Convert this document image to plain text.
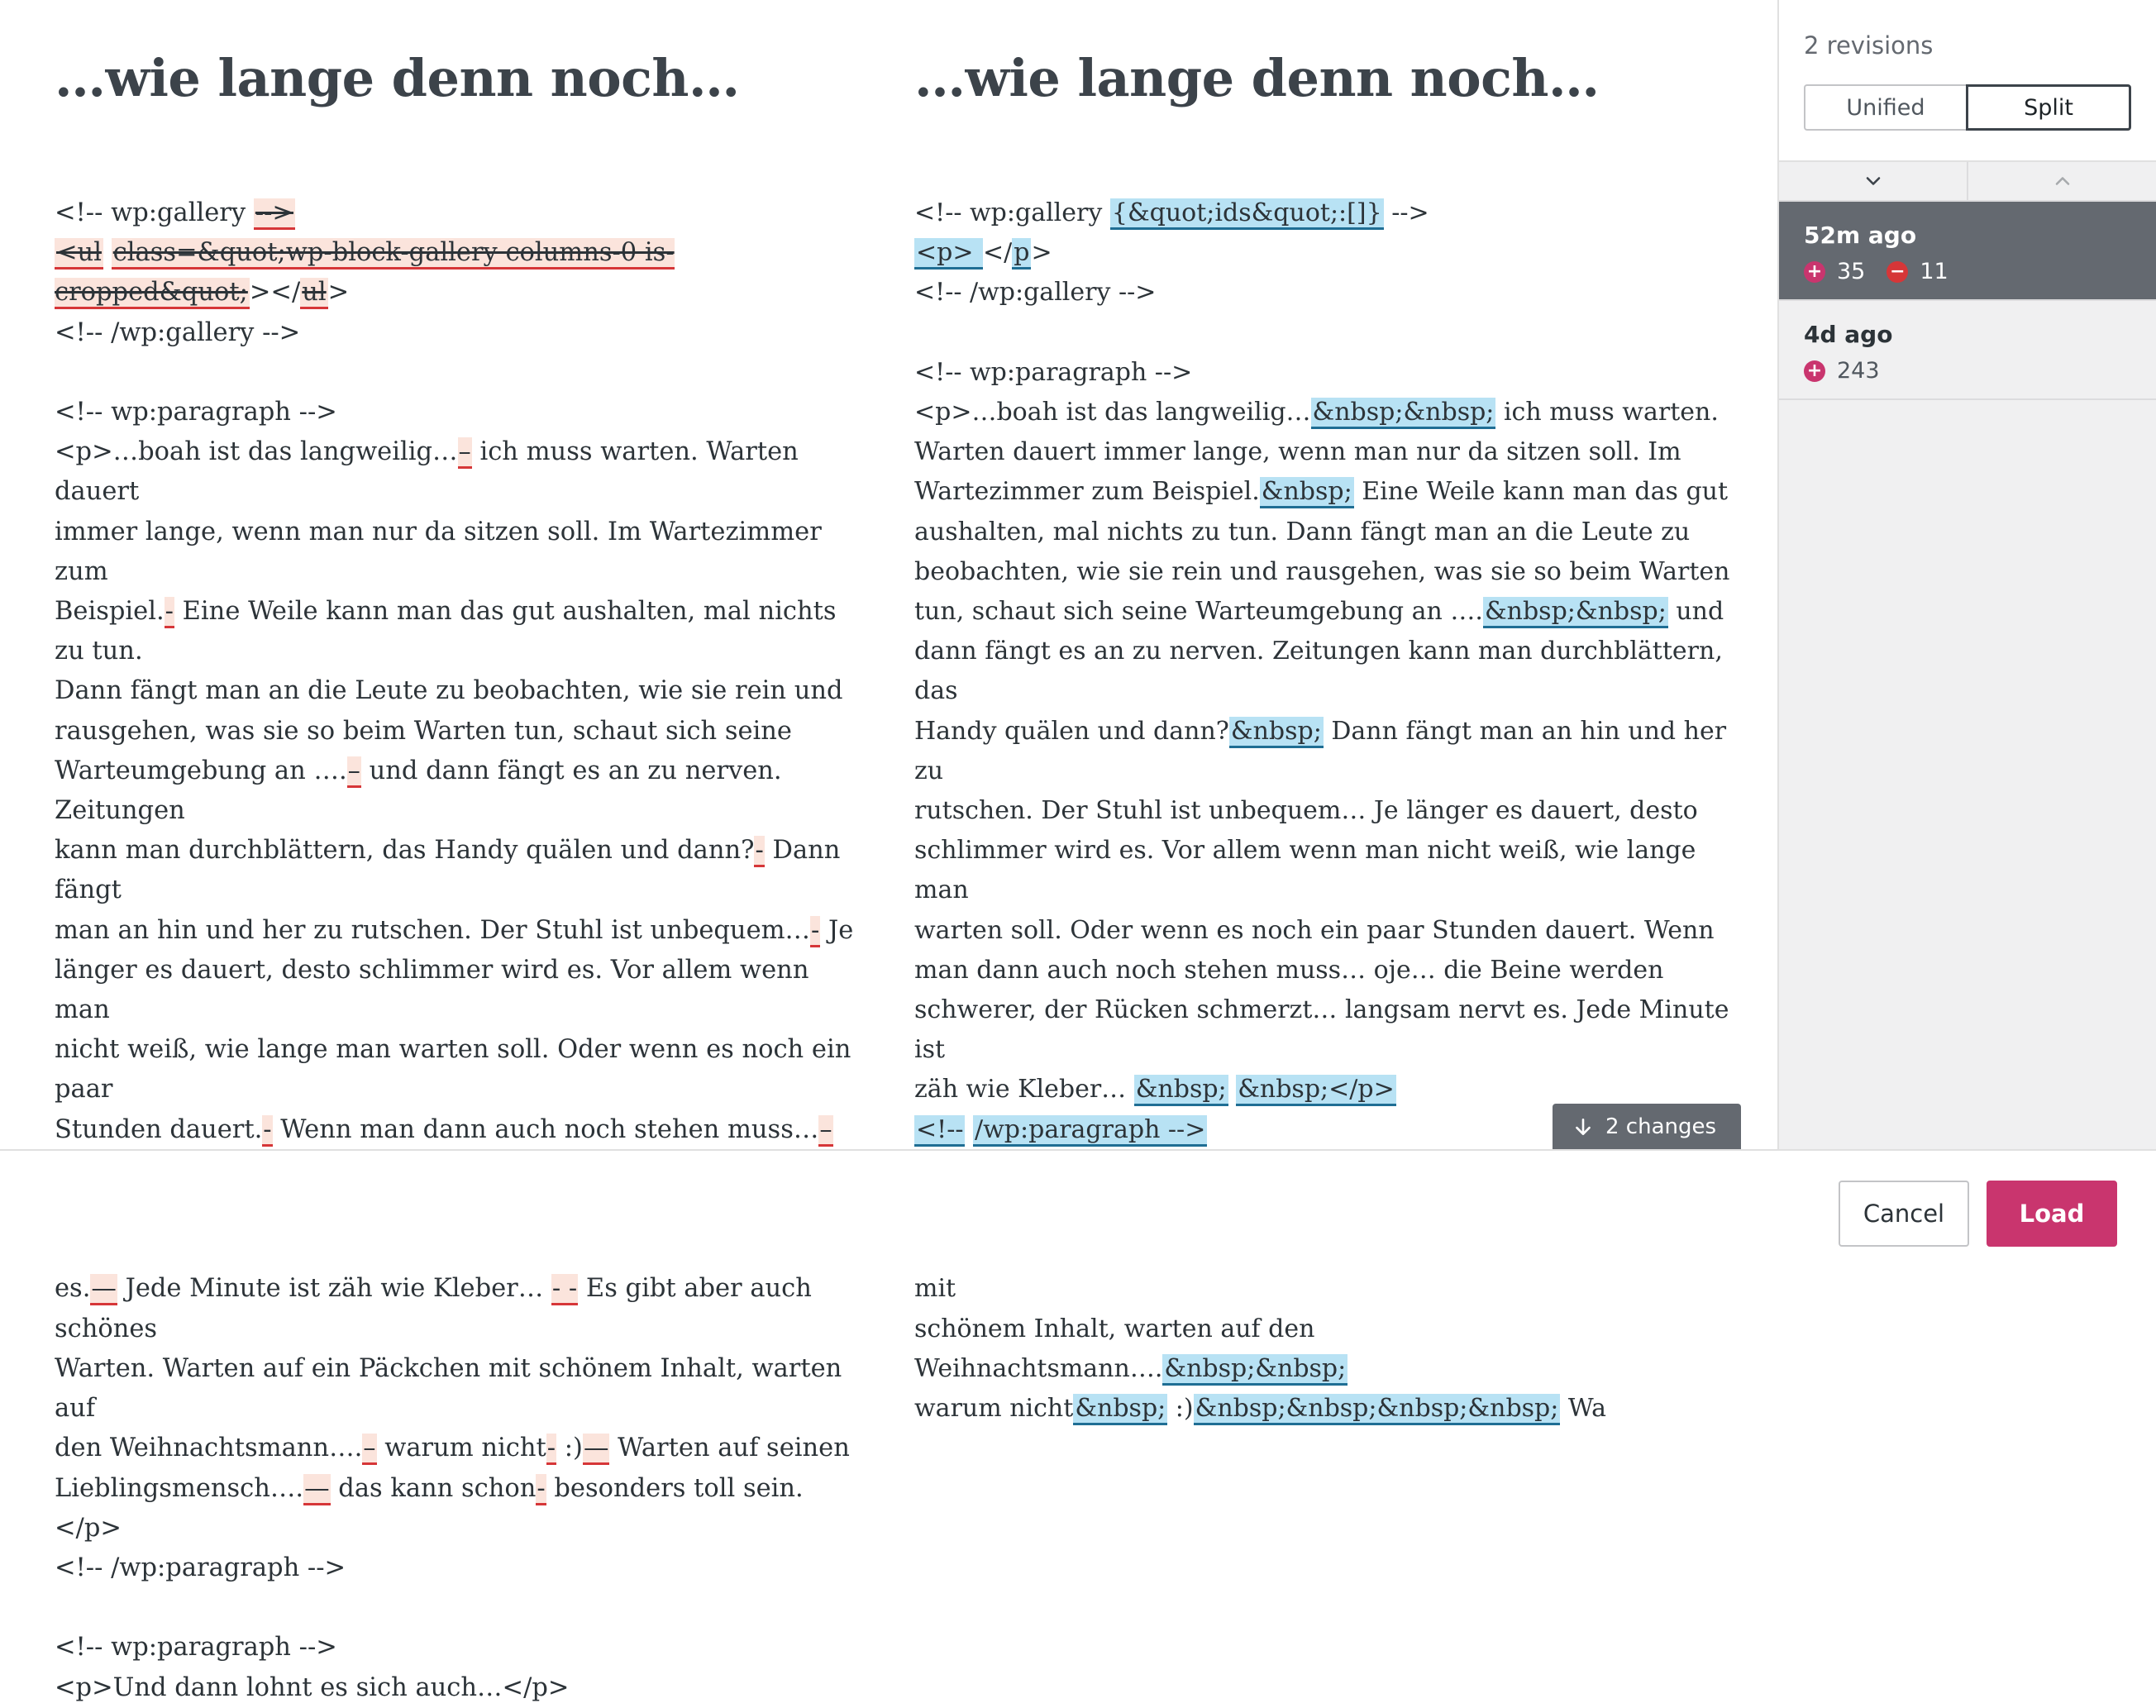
…wie lange denn noch…
<!-- wp:gallery -->
<ul class=&quot;wp-block-gallery columns-0 is-cropped&quot;></ul>
<!-- /wp:gallery -->
<!-- wp:paragraph -->
<p>…boah ist das langweilig…– ich muss warten. Warten dauert
immer lange, wenn man nur da sitzen soll. Im Wartezimmer zum
Beispiel.- Eine Weile kann man das gut aushalten, mal nichts zu tun.
Dann fängt man an die Leute zu beobachten, wie sie rein und
rausgehen, was sie so beim Warten tun, schaut sich seine
Warteumgebung an ….– und dann fängt es an zu nerven. Zeitungen
kann man durchblättern, das Handy quälen und dann?- Dann fängt
man an hin und her zu rutschen. Der Stuhl ist unbequem…- Je
länger es dauert, desto schlimmer wird es. Vor allem wenn man
nicht weiß, wie lange man warten soll. Oder wenn es noch ein paar
Stunden dauert.- Wenn man dann auch noch stehen muss…–
es.— Jede Minute ist zäh wie Kleber… - - Es gibt aber auch schönes
Warten. Warten auf ein Päckchen mit schönem Inhalt, warten auf
den Weihnachtsmann….– warum nicht- :)— Warten auf seinen
Lieblingsmensch….— das kann schon- besonders toll sein.</p>
<!-- /wp:paragraph -->
<!-- wp:paragraph -->
<p>Und dann lohnt es sich auch…</p>
…wie lange denn noch…
<!-- wp:gallery {&quot;ids&quot;:[]} -->
<p> </p>
<!-- /wp:gallery -->
<!-- wp:paragraph -->
<p>…boah ist das langweilig…&nbsp;&nbsp; ich muss warten.
Warten dauert immer lange, wenn man nur da sitzen soll. Im
Wartezimmer zum Beispiel.&nbsp; Eine Weile kann man das gut
aushalten, mal nichts zu tun. Dann fängt man an die Leute zu
beobachten, wie sie rein und rausgehen, was sie so beim Warten
tun, schaut sich seine Warteumgebung an ….&nbsp;&nbsp; und
dann fängt es an zu nerven. Zeitungen kann man durchblättern, das
Handy quälen und dann?&nbsp; Dann fängt man an hin und her zu
rutschen. Der Stuhl ist unbequem… Je länger es dauert, desto
schlimmer wird es. Vor allem wenn man nicht weiß, wie lange man
warten soll. Oder wenn es noch ein paar Stunden dauert. Wenn
man dann auch noch stehen muss… oje… die Beine werden
schwerer, der Rücken schmerzt… langsam nervt es. Jede Minute ist
zäh wie Kleber… &nbsp; &nbsp;</p>
<!-- /wp:paragraph -->
mit
schönem Inhalt, warten auf den Weihnachtsmann….&nbsp;&nbsp;
warum nicht&nbsp; :)&nbsp;&nbsp;&nbsp;&nbsp; Wa
2 changes
2 revisions
Unified	Split
52m ago
+ 35 − 11
4d ago
+ 243
Cancel	Load
